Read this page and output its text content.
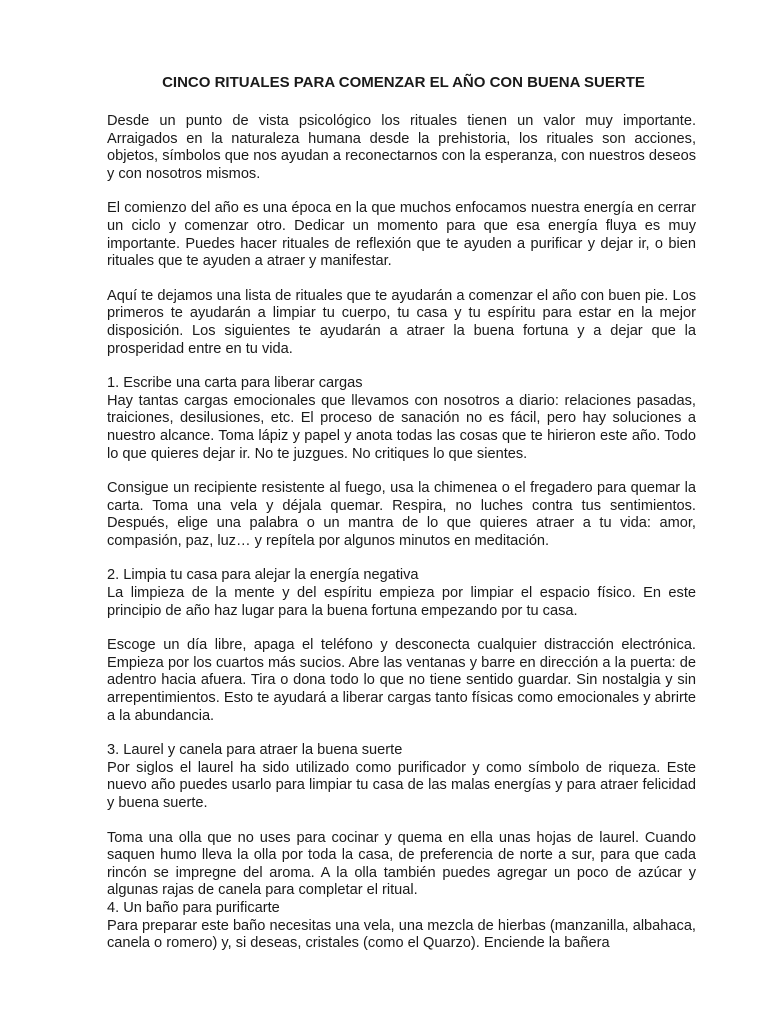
CINCO RITUALES PARA COMENZAR EL AÑO CON BUENA SUERTE

Desde un punto de vista psicológico los rituales tienen un valor muy importante. Arraigados en la naturaleza humana desde la prehistoria, los rituales son acciones, objetos, símbolos que nos ayudan a reconectarnos con la esperanza, con nuestros deseos y con nosotros mismos.

El comienzo del año es una época en la que muchos enfocamos nuestra energía en cerrar un ciclo y comenzar otro. Dedicar un momento para que esa energía fluya es muy importante. Puedes hacer rituales de reflexión que te ayuden a purificar y dejar ir, o bien rituales que te ayuden a atraer y manifestar.

Aquí te dejamos una lista de rituales que te ayudarán a comenzar el año con buen pie. Los primeros te ayudarán a limpiar tu cuerpo, tu casa y tu espíritu para estar en la mejor disposición. Los siguientes te ayudarán a atraer la buena fortuna y a dejar que la prosperidad entre en tu vida.

1. Escribe una carta para liberar cargas

Hay tantas cargas emocionales que llevamos con nosotros a diario: relaciones pasadas, traiciones, desilusiones, etc. El proceso de sanación no es fácil, pero hay soluciones a nuestro alcance. Toma lápiz y papel y anota todas las cosas que te hirieron este año. Todo lo que quieres dejar ir. No te juzgues. No critiques lo que sientes.

Consigue un recipiente resistente al fuego, usa la chimenea o el fregadero para quemar la carta. Toma una vela y déjala quemar. Respira, no luches contra tus sentimientos. Después, elige una palabra o un mantra de lo que quieres atraer a tu vida: amor, compasión, paz, luz… y repítela por algunos minutos en meditación.

2. Limpia tu casa para alejar la energía negativa

La limpieza de la mente y del espíritu empieza por limpiar el espacio físico. En este principio de año haz lugar para la buena fortuna empezando por tu casa.

Escoge un día libre, apaga el teléfono y desconecta cualquier distracción electrónica. Empieza por los cuartos más sucios. Abre las ventanas y barre en dirección a la puerta: de adentro hacia afuera. Tira o dona todo lo que no tiene sentido guardar. Sin nostalgia y sin arrepentimientos. Esto te ayudará a liberar cargas tanto físicas como emocionales y abrirte a la abundancia.

3. Laurel y canela para atraer la buena suerte

Por siglos el laurel ha sido utilizado como purificador y como símbolo de riqueza. Este nuevo año puedes usarlo para limpiar tu casa de las malas energías y para atraer felicidad y buena suerte.

Toma una olla que no uses para cocinar y quema en ella unas hojas de laurel. Cuando saquen humo lleva la olla por toda la casa, de preferencia de norte a sur, para que cada rincón se impregne del aroma. A la olla también puedes agregar un poco de azúcar y algunas rajas de canela para completar el ritual.

4. Un baño para purificarte

Para preparar este baño necesitas una vela, una mezcla de hierbas (manzanilla, albahaca, canela o romero) y, si deseas, cristales (como el Quarzo). Enciende la bañera
